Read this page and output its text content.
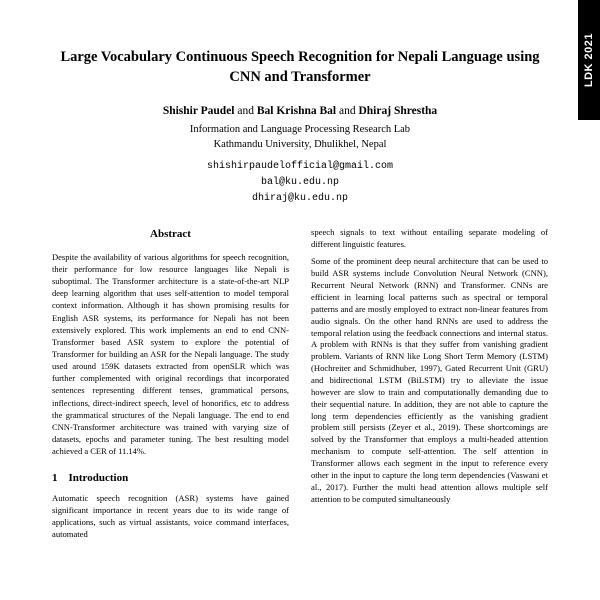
LDK 2021
Large Vocabulary Continuous Speech Recognition for Nepali Language using CNN and Transformer
Shishir Paudel and Bal Krishna Bal and Dhiraj Shrestha
Information and Language Processing Research Lab
Kathmandu University, Dhulikhel, Nepal
shishirpaudelofficial@gmail.com
bal@ku.edu.np
dhiraj@ku.edu.np
Abstract

Despite the availability of various algorithms for speech recognition, their performance for low resource languages like Nepali is suboptimal. The Transformer architecture is a state-of-the-art NLP deep learning algorithm that uses self-attention to model temporal context information. Although it has shown promising results for English ASR systems, its performance for Nepali has not been extensively explored. This work implements an end to end CNN-Transformer based ASR system to explore the potential of Transformer for building an ASR for the Nepali language. The study used around 159K datasets extracted from openSLR which was further complemented with original recordings that incorporated sentences representing different tenses, grammatical persons, inflections, direct-indirect speech, level of honorifics, etc to address the grammatical structures of the Nepali language. The end to end CNN-Transformer architecture was trained with varying size of datasets, epochs and parameter tuning. The best resulting model achieved a CER of 11.14%.

1 Introduction

Automatic speech recognition (ASR) systems have gained significant importance in recent years due to its wide range of applications, such as virtual assistants, voice command interfaces, automated

speech signals to text without entailing separate modeling of different linguistic features.

Some of the prominent deep neural architecture that can be used to build ASR systems include Convolution Neural Network (CNN), Recurrent Neural Network (RNN) and Transformer. CNNs are efficient in learning local patterns such as spectral or temporal patterns and are mostly employed to extract non-linear features from audio signals. On the other hand RNNs are used to address the temporal relation using the feedback connections and internal status. A problem with RNNs is that they suffer from vanishing gradient problem. Variants of RNN like Long Short Term Memory (LSTM) (Hochreiter and Schmidhuber, 1997), Gated Recurrent Unit (GRU) and bidirectional LSTM (BiLSTM) try to alleviate the issue however are slow to train and computationally demanding due to their sequential nature. In addition, they are not able to capture the long term dependencies efficiently as the vanishing gradient problem still persists (Zeyer et al., 2019). These shortcomings are solved by the Transformer that employs a multi-headed attention mechanism to compute self-attention. The self attention in Transformer allows each segment in the input to reference every other in the input to capture the long term dependencies (Vaswani et al., 2017). Further the multi head attention allows multiple self attention to be computed simultaneously
